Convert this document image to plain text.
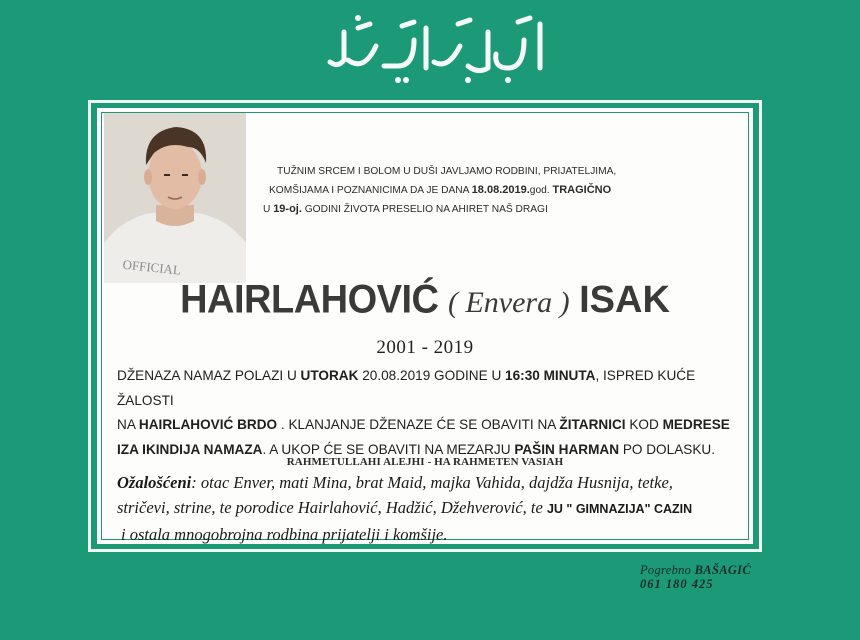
OFFICIAL
TUŽNIM SRCEM I BOLOM U DUŠI JAVLJAMO RODBINI, PRIJATELJIMA,
KOMŠIJAMA I POZNANICIMA DA JE DANA 18.08.2019.god. TRAGIČNO
U 19-oj. GODINI ŽIVOTA PRESELIO NA AHIRET NAŠ DRAGI
HAIRLAHOVIĆ ( Envera ) ISAK
2001 - 2019
DŽENAZA NAMAZ POLAZI U UTORAK 20.08.2019 GODINE U 16:30 MINUTA, ISPRED KUĆE ŽALOSTI
NA HAIRLAHOVIĆ BRDO . KLANJANJE DŽENAZE ĆE SE OBAVITI NA ŽITARNICI KOD MEDRESE
IZA IKINDIJA NAMAZA. A UKOP ĆE SE OBAVITI NA MEZARJU PAŠIN HARMAN PO DOLASKU.
RAHMETULLAHI ALEJHI - HA RAHMETEN VASIAH
Ožalošćeni: otac Enver, mati Mina, brat Maid, majka Vahida, dajdža Husnija, tetke,
stričevi, strine, te porodice Hairlahović, Hadžić, Džehverović, te JU " GIMNAZIJA" CAZIN
i ostala mnogobrojna rodbina prijatelji i komšije.
Pogrebno BAŠAGIĆ
061 180 425
